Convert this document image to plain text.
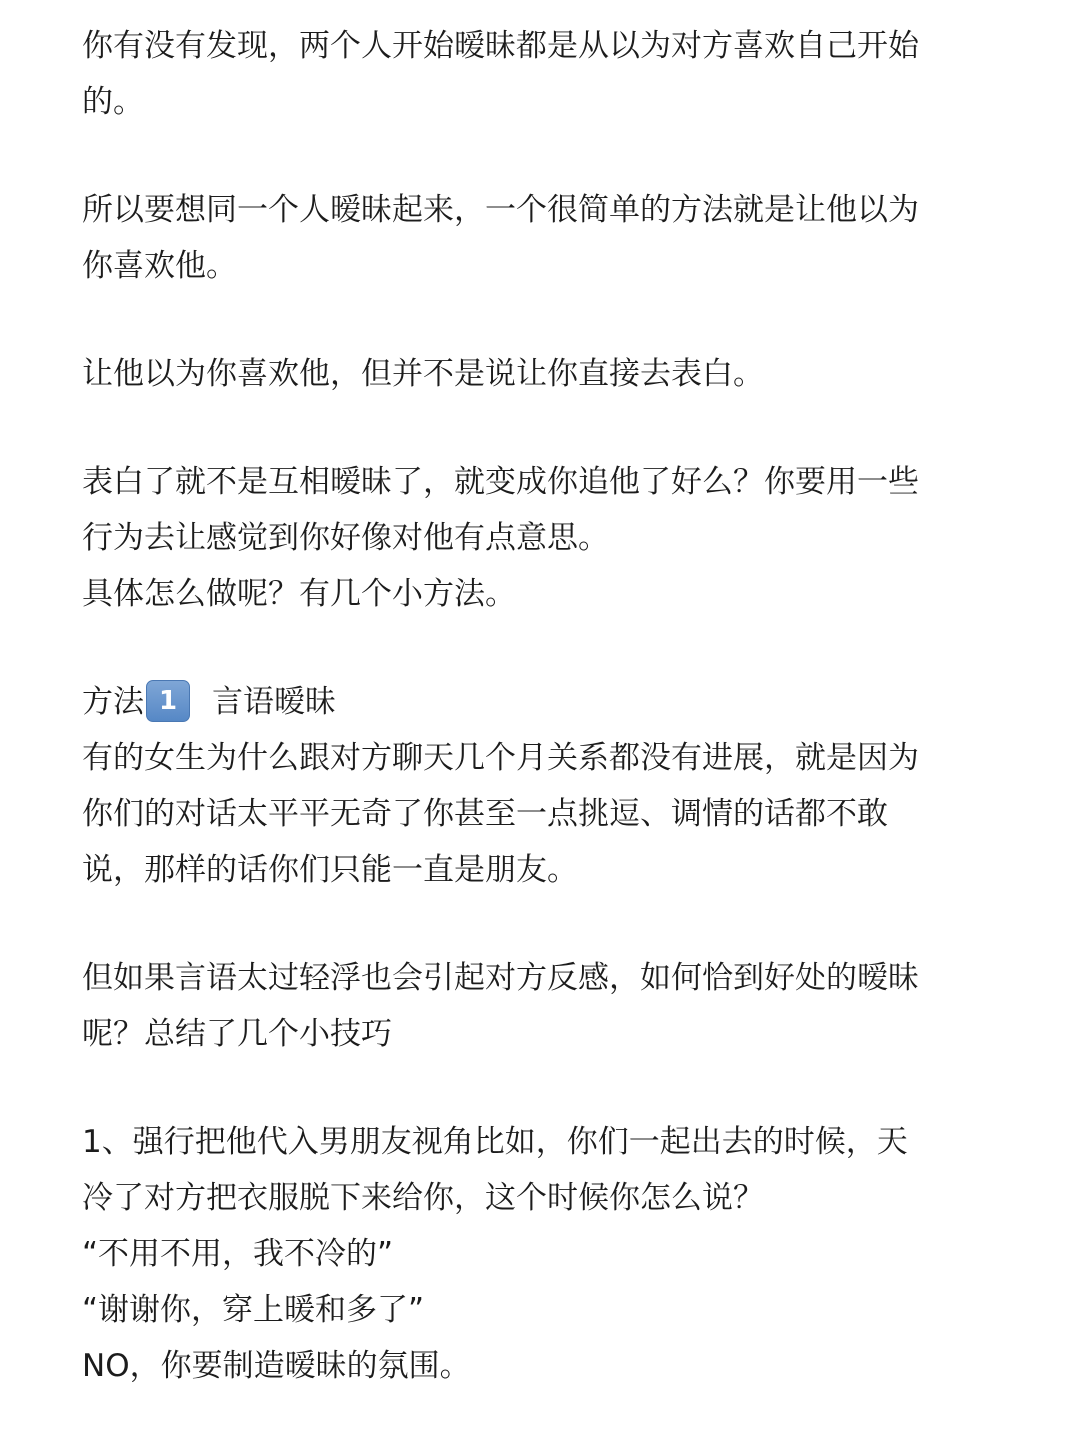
你有没有发现，两个人开始暧昧都是从以为对方喜欢自己开始
的。
所以要想同一个人暧昧起来，一个很简单的方法就是让他以为
你喜欢他。
让他以为你喜欢他，但并不是说让你直接去表白。
表白了就不是互相暧昧了，就变成你追他了好么？你要用一些
行为去让感觉到你好像对他有点意思。
具体怎么做呢？有几个小方法。
方法 1 言语暧昧
有的女生为什么跟对方聊天几个月关系都没有进展，就是因为
你们的对话太平平无奇了你甚至一点挑逗、调情的话都不敢
说，那样的话你们只能一直是朋友。
但如果言语太过轻浮也会引起对方反感，如何恰到好处的暧昧
呢？总结了几个小技巧
1、强行把他代入男朋友视角比如，你们一起出去的时候，天
冷了对方把衣服脱下来给你，这个时候你怎么说？
“不用不用，我不冷的”
“谢谢你，穿上暖和多了”
NO，你要制造暧昧的氛围。
